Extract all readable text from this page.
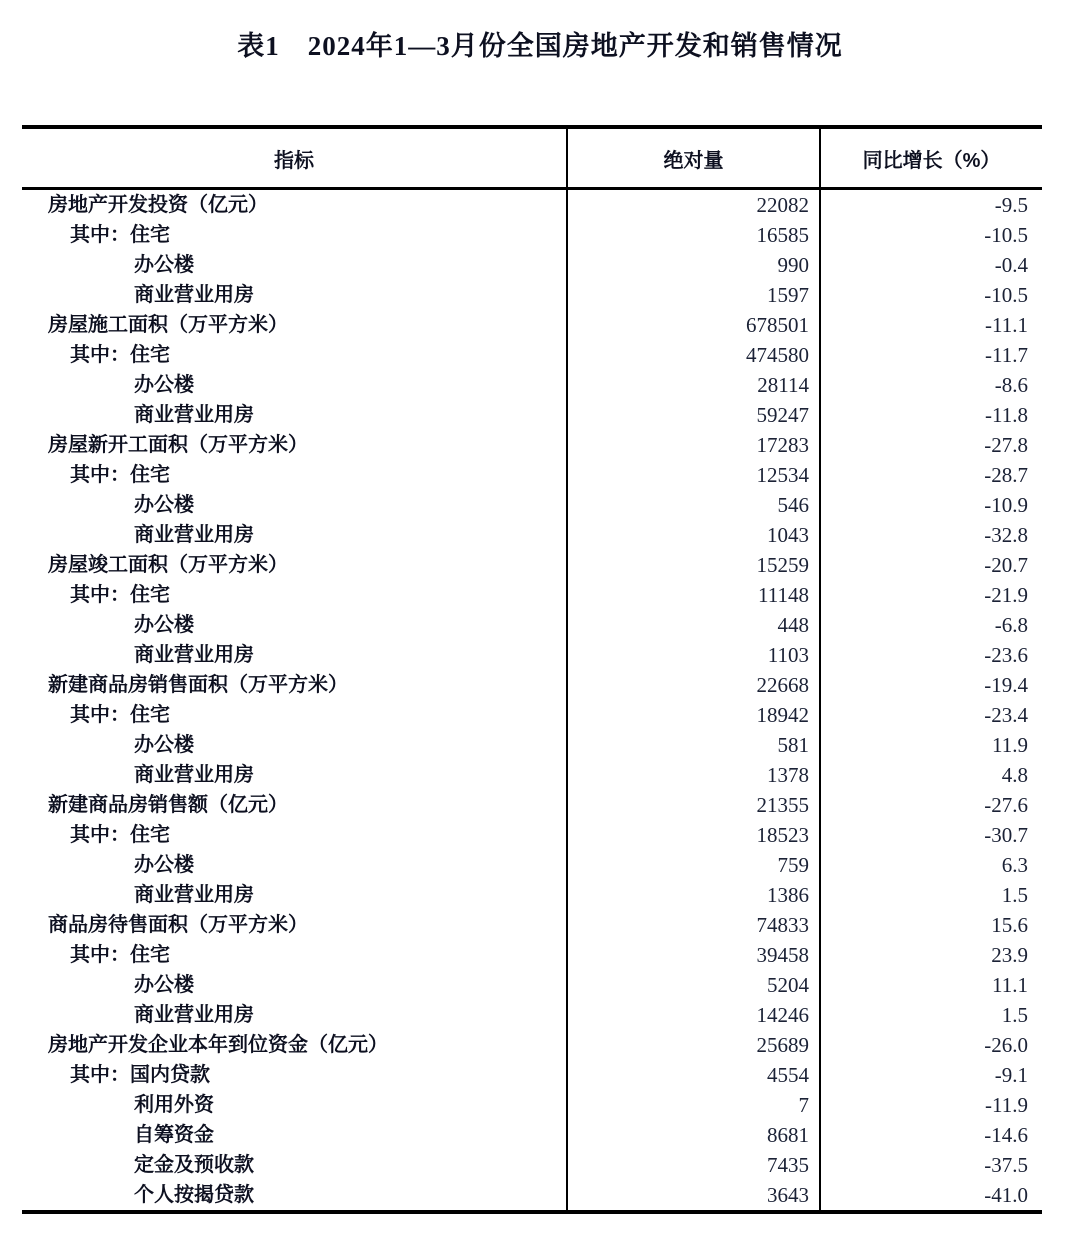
表1　2024年1—3月份全国房地产开发和销售情况
指标	绝对量	同比增长（%）
房地产开发投资（亿元）	22082	-9.5
其中：住宅	16585	-10.5
办公楼	990	-0.4
商业营业用房	1597	-10.5
房屋施工面积（万平方米）	678501	-11.1
其中：住宅	474580	-11.7
办公楼	28114	-8.6
商业营业用房	59247	-11.8
房屋新开工面积（万平方米）	17283	-27.8
其中：住宅	12534	-28.7
办公楼	546	-10.9
商业营业用房	1043	-32.8
房屋竣工面积（万平方米）	15259	-20.7
其中：住宅	11148	-21.9
办公楼	448	-6.8
商业营业用房	1103	-23.6
新建商品房销售面积（万平方米）	22668	-19.4
其中：住宅	18942	-23.4
办公楼	581	11.9
商业营业用房	1378	4.8
新建商品房销售额（亿元）	21355	-27.6
其中：住宅	18523	-30.7
办公楼	759	6.3
商业营业用房	1386	1.5
商品房待售面积（万平方米）	74833	15.6
其中：住宅	39458	23.9
办公楼	5204	11.1
商业营业用房	14246	1.5
房地产开发企业本年到位资金（亿元）	25689	-26.0
其中：国内贷款	4554	-9.1
利用外资	7	-11.9
自筹资金	8681	-14.6
定金及预收款	7435	-37.5
个人按揭贷款	3643	-41.0
